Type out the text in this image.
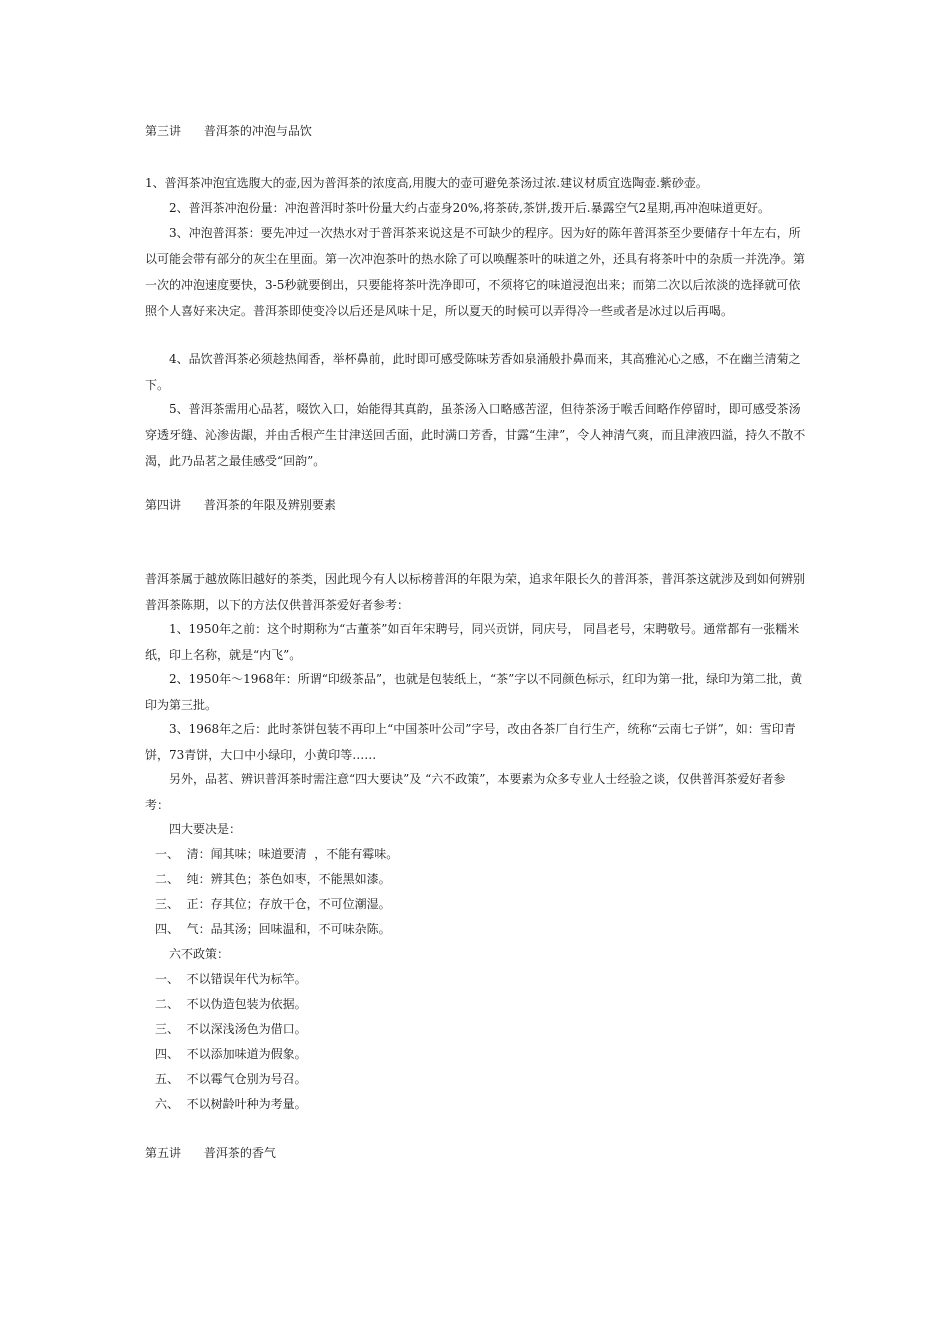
第三讲      普洱茶的冲泡与品饮

1、普洱茶冲泡宜选腹大的壶,因为普洱茶的浓度高,用腹大的壶可避免茶汤过浓.建议材质宜选陶壶.紫砂壶。

2、普洱茶冲泡份量：冲泡普洱时茶叶份量大约占壶身20%,将茶砖,茶饼,拨开后.暴露空气2星期,再冲泡味道更好。

3、冲泡普洱茶：要先冲过一次热水对于普洱茶来说这是不可缺少的程序。因为好的陈年普洱茶至少要储存十年左右，所以可能会带有部分的灰尘在里面。第一次冲泡茶叶的热水除了可以唤醒茶叶的味道之外，还具有将茶叶中的杂质一并洗净。第一次的冲泡速度要快，3-5秒就要倒出，只要能将茶叶洗净即可，不须将它的味道浸泡出来；而第二次以后浓淡的选择就可依照个人喜好来决定。普洱茶即使变冷以后还是风味十足，所以夏天的时候可以弄得冷一些或者是冰过以后再喝。

4、品饮普洱茶必须趁热闻香，举杯鼻前，此时即可感受陈味芳香如泉涌般扑鼻而来，其高雅沁心之感，不在幽兰清菊之下。

5、普洱茶需用心品茗，啜饮入口，始能得其真韵，虽茶汤入口略感苦涩，但待茶汤于喉舌间略作停留时，即可感受茶汤穿透牙缝、沁渗齿龈，并由舌根产生甘津送回舌面，此时满口芳香，甘露“生津”，令人神清气爽，而且津液四溢，持久不散不渴，此乃品茗之最佳感受“回韵”。

第四讲      普洱茶的年限及辨别要素

普洱茶属于越放陈旧越好的茶类，因此现今有人以标榜普洱的年限为荣，追求年限长久的普洱茶，普洱茶这就涉及到如何辨别普洱茶陈期，以下的方法仅供普洱茶爱好者参考：

1、1950年之前：这个时期称为“古董茶”如百年宋聘号，同兴贡饼，同庆号， 同昌老号，宋聘敬号。通常都有一张糯米纸，印上名称，就是“内飞”。

2、1950年～1968年：所谓“印级茶品”，也就是包装纸上，“茶”字以不同颜色标示，红印为第一批，绿印为第二批，黄印为第三批。

3、1968年之后：此时茶饼包装不再印上“中国茶叶公司”字号，改由各茶厂自行生产，统称“云南七子饼”，如：雪印青饼，73青饼，大口中小绿印，小黄印等……

另外，品茗、辨识普洱茶时需注意“四大要诀”及 “六不政策”，本要素为众多专业人士经验之谈，仅供普洱茶爱好者参考：

四大要决是：

一、  清：闻其味；味道要清  ，不能有霉味。

二、  纯：辨其色；茶色如枣，不能黑如漆。

三、  正：存其位；存放干仓，不可位潮湿。

四、  气：品其汤；回味温和，不可味杂陈。

六不政策：

一、  不以错误年代为标竿。

二、  不以伪造包装为依据。

三、  不以深浅汤色为借口。

四、  不以添加味道为假象。

五、  不以霉气仓别为号召。

六、  不以树龄叶种为考量。

第五讲      普洱茶的香气
